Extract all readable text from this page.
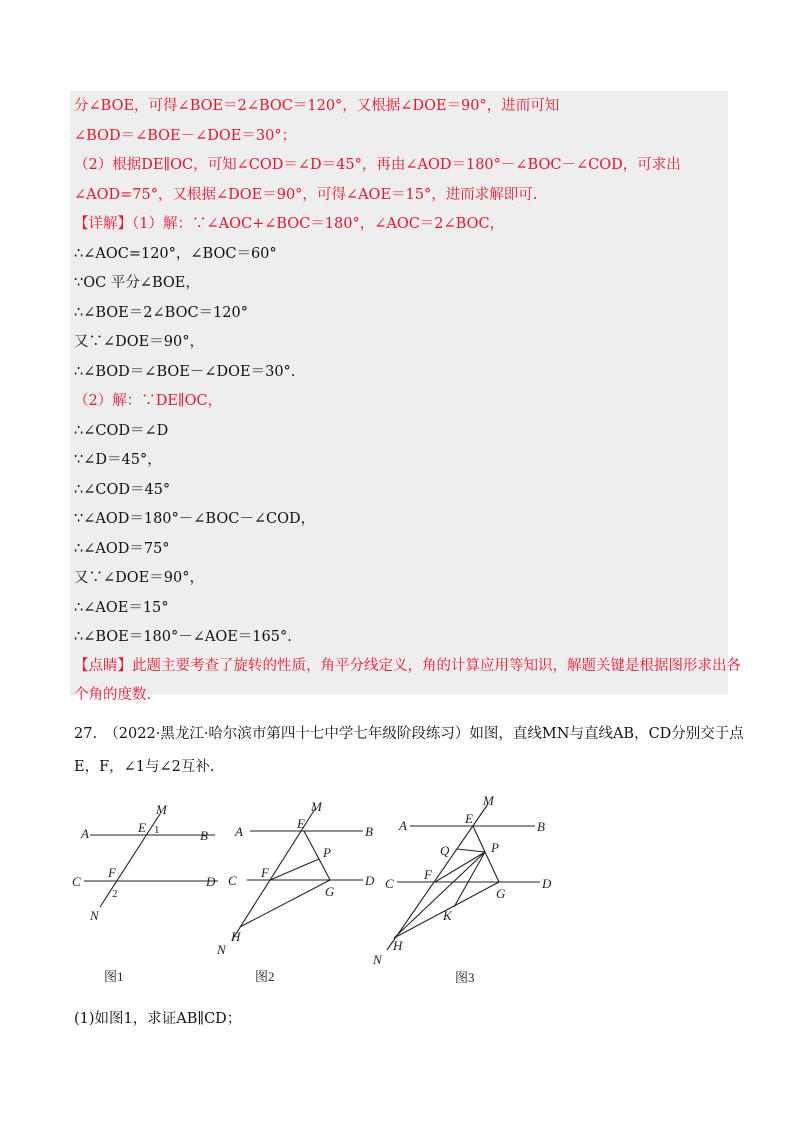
分∠BOE，可得∠BOE＝2∠BOC＝120°，又根据∠DOE＝90°，进而可知
∠BOD＝∠BOE－∠DOE＝30°；
（2）根据DE∥OC，可知∠COD＝∠D＝45°，再由∠AOD＝180°－∠BOC－∠COD，可求出
∠AOD=75°，又根据∠DOE＝90°，可得∠AOE＝15°，进而求解即可.
【详解】（1）解：∵∠AOC+∠BOC＝180°，∠AOC＝2∠BOC，
∴∠AOC=120°，∠BOC＝60°
∵OC 平分∠BOE，
∴∠BOE＝2∠BOC＝120°
又∵∠DOE＝90°，
∴∠BOD＝∠BOE－∠DOE＝30°.
（2）解：∵DE∥OC，
∴∠COD＝∠D
∵∠D＝45°，
∴∠COD＝45°
∵∠AOD＝180°－∠BOC－∠COD，
∴∠AOD＝75°
又∵∠DOE＝90°，
∴∠AOE＝15°
∴∠BOE＝180°－∠AOE＝165°.
【点睛】此题主要考查了旋转的性质，角平分线定义，角的计算应用等知识，解题关键是根据图形求出各
个角的度数.
27.　（2022·黑龙江·哈尔滨市第四十七中学七年级阶段练习）如图，直线MN与直线AB，CD分别交于点
E，F，∠1与∠2互补.
M
A	E
B
C
F
D
N
1
2
图1
M
A
E
B
P
C
F
G
D
H
N
图2
M
A	E
B
Q	P
C
F
G
D
K
H
N
图3
(1)如图1，求证AB∥CD；
